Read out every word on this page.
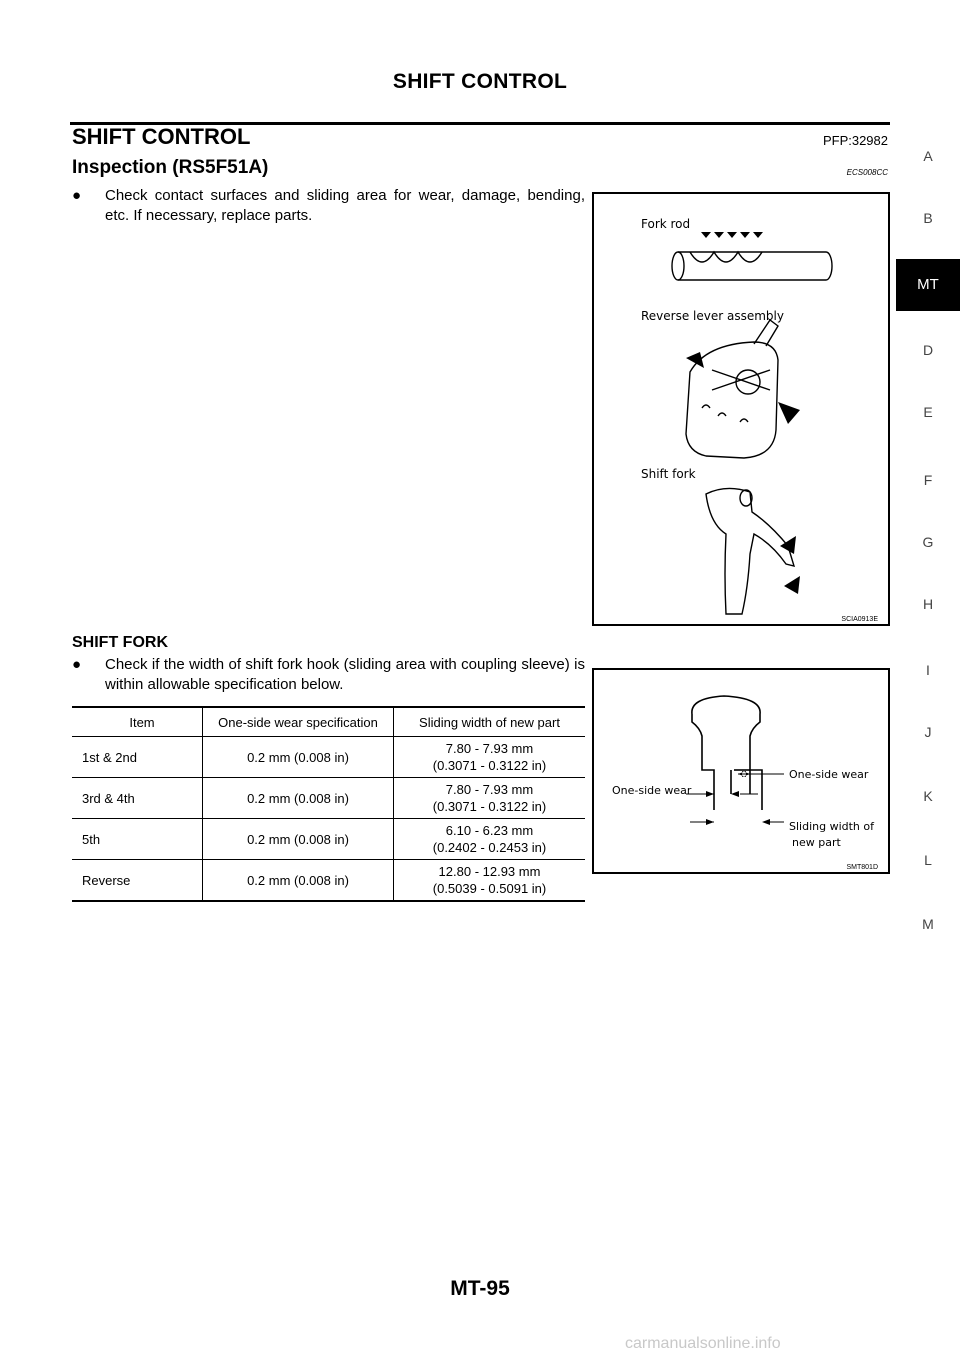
SHIFT CONTROL
SHIFT CONTROL	PFP:32982
Inspection (RS5F51A)	ECS008CC
● Check contact surfaces and sliding area for wear, damage, bending, etc. If necessary, replace parts.	Fork rod
Reverse lever assembly
Shift fork
SCIA0913E
SHIFT FORK
● Check if the width of shift fork hook (sliding area with coupling sleeve) is within allowable specification below.
Item	One-side wear specification	Sliding width of new part
1st & 2nd	0.2 mm (0.008 in)	7.80 - 7.93 mm
(0.3071 - 0.3122 in)

3rd & 4th	0.2 mm (0.008 in)	7.80 - 7.93 mm
(0.3071 - 0.3122 in)

5th	0.2 mm (0.008 in)	6.10 - 6.23 mm
(0.2402 - 0.2453 in)

Reverse	0.2 mm (0.008 in)	12.80 - 12.93 mm
(0.5039 - 0.5091 in)
One-side wear
One-side wear
Sliding width of
new part
SMT801D
A
B
MT
D
E
F
G
H
I
J
K
L
M
MT-95
carmanualsonline.info
